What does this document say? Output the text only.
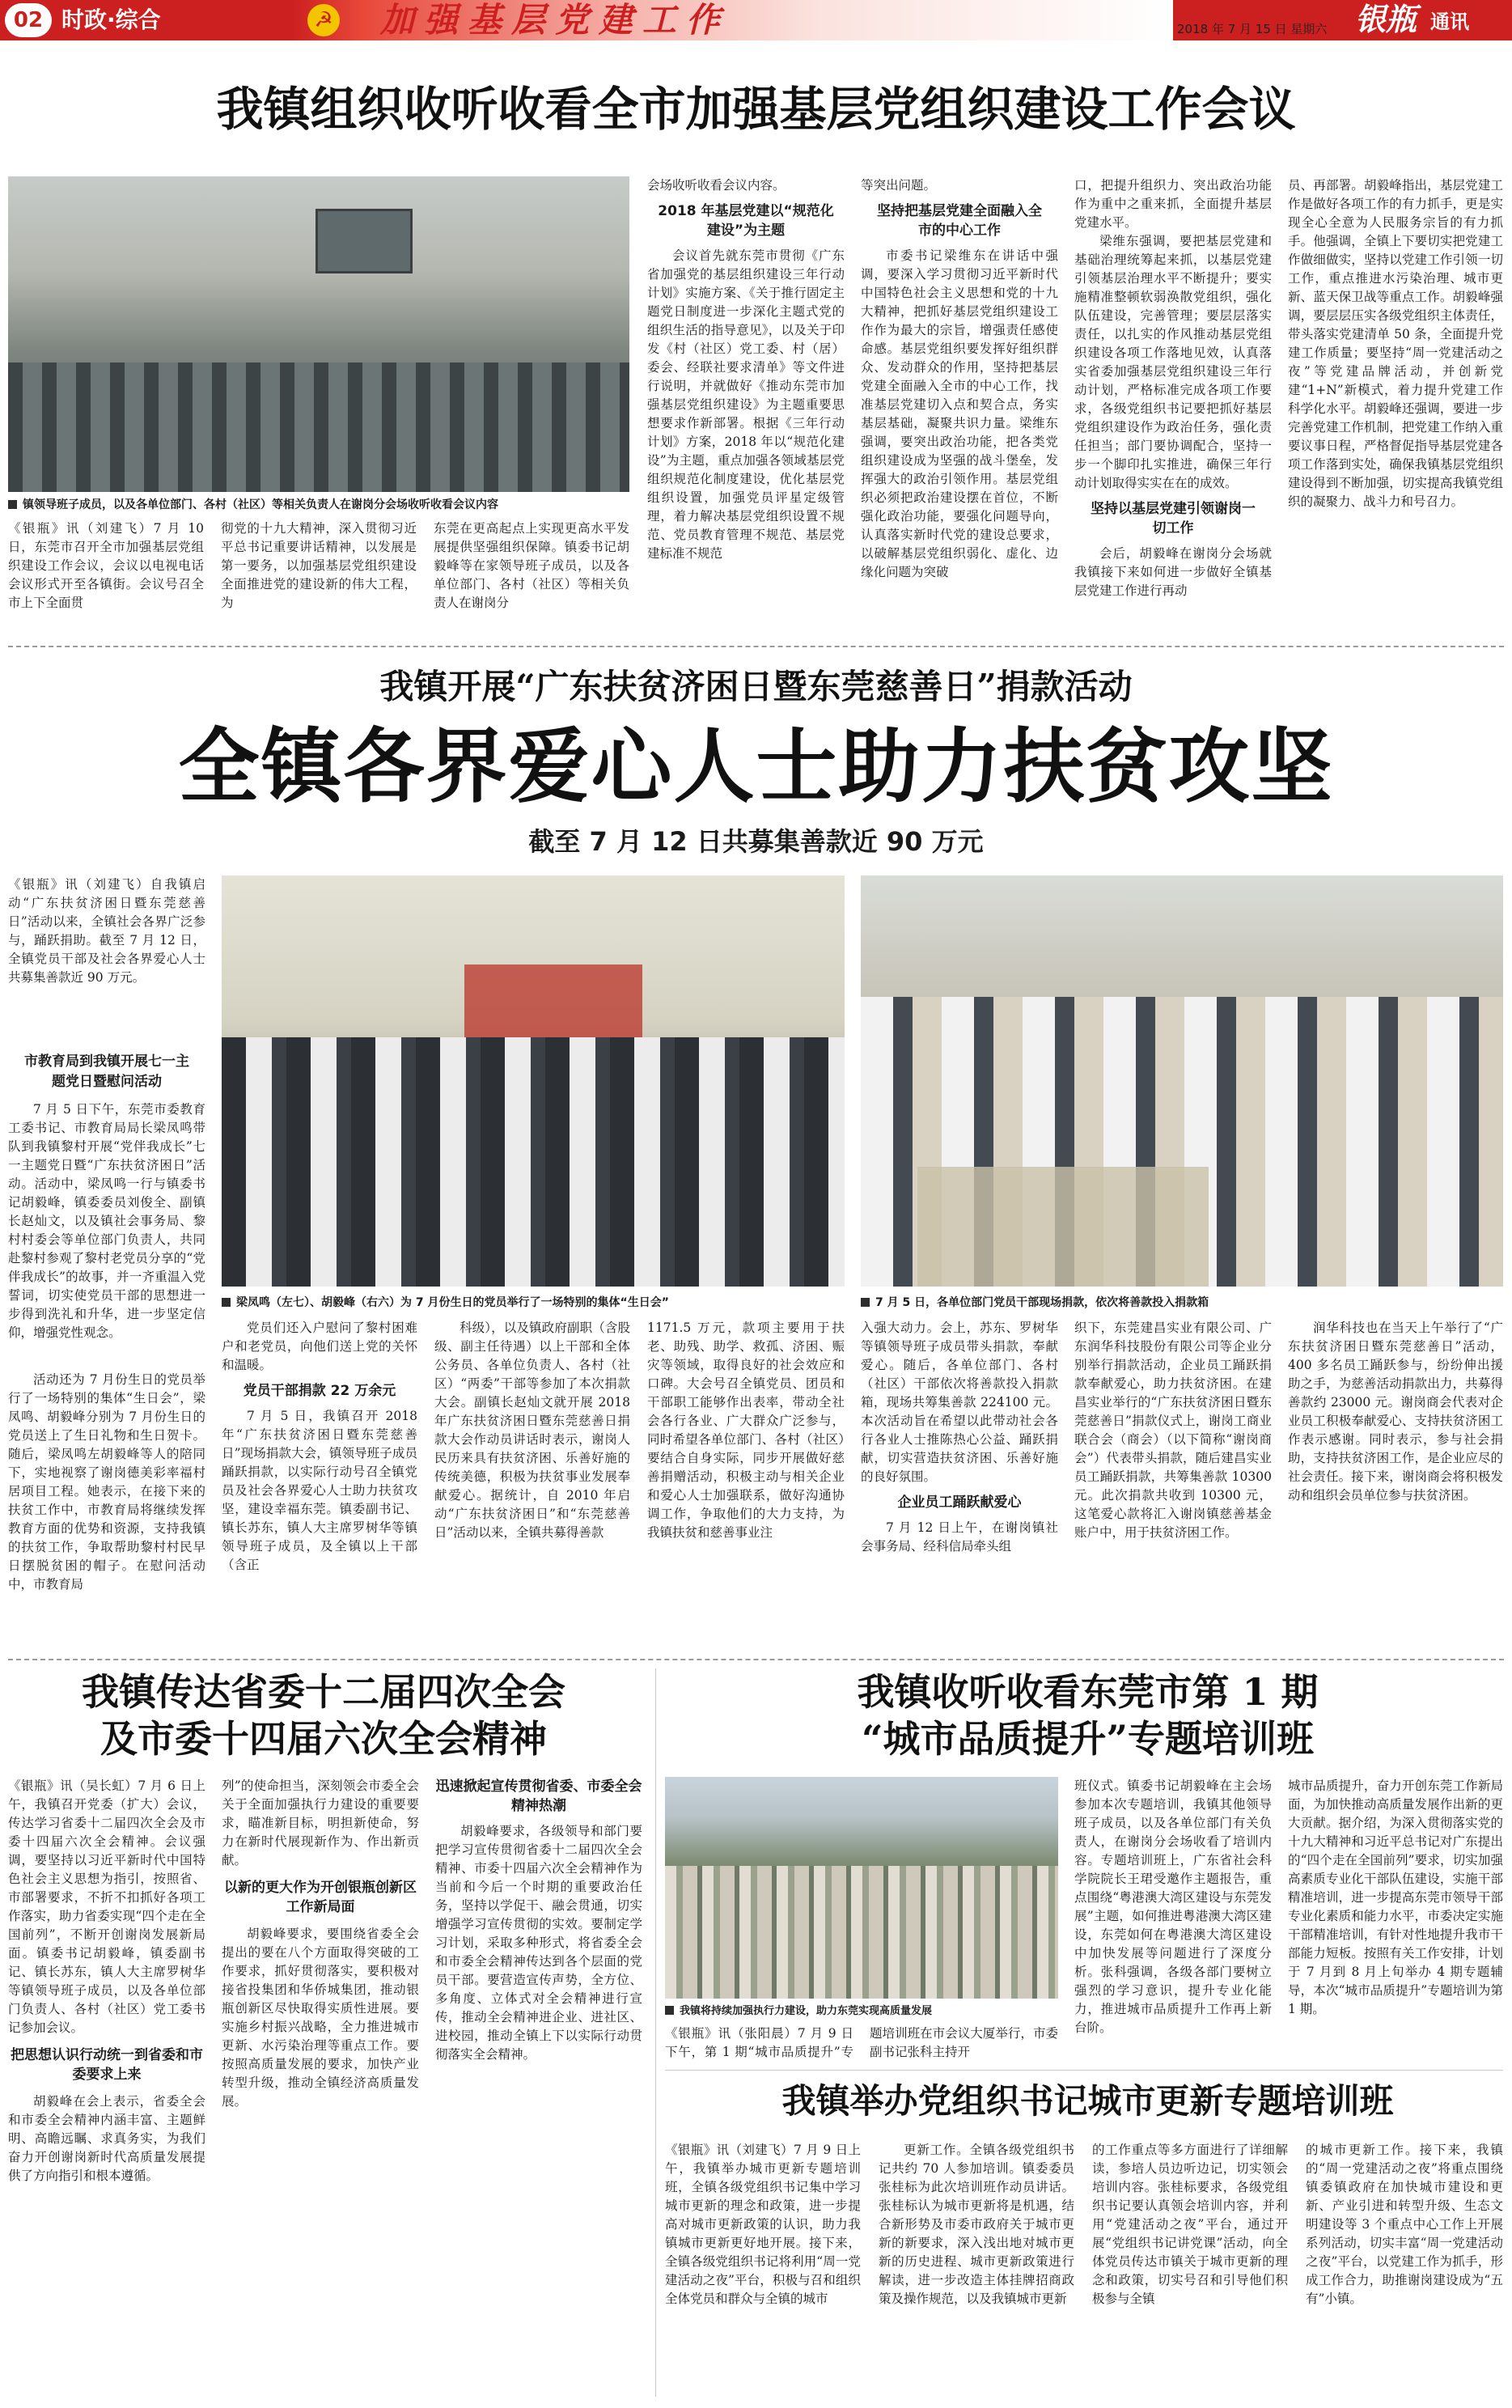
02 时政·综合	☭ 加强基层党建工作	2018 年 7 月 15 日 星期六 银瓶 通讯
我镇组织收听收看全市加强基层党组织建设工作会议
镇领导班子成员，以及各单位部门、各村（社区）等相关负责人在谢岗分会场收听收看会议内容
《银瓶》讯（刘建飞）7 月 10 日，东莞市召开全市加强基层党组织建设工作会议，会议以电视电话会议形式开至各镇街。会议号召全市上下全面贯
彻党的十九大精神，深入贯彻习近平总书记重要讲话精神，以发展是第一要务，以加强基层党组织建设全面推进党的建设新的伟大工程，为
东莞在更高起点上实现更高水平发展提供坚强组织保障。镇委书记胡毅峰等在家领导班子成员，以及各单位部门、各村（社区）等相关负责人在谢岗分
会场收听收看会议内容。
2018 年基层党建以“规范化建设”为主题
会议首先就东莞市贯彻《广东省加强党的基层组织建设三年行动计划》实施方案、《关于推行固定主题党日制度进一步深化主题式党的组织生活的指导意见》，以及关于印发《村（社区）党工委、村（居）委会、经联社要求清单》等文件进行说明，并就做好《推动东莞市加强基层党组织建设》为主题重要思想要求作新部署。根据《三年行动计划》方案，2018 年以“规范化建设”为主题，重点加强各领域基层党组织规范化制度建设，优化基层党组织设置，加强党员评星定级管理，着力解决基层党组织设置不规范、党员教育管理不规范、基层党建标准不规范
等突出问题。
坚持把基层党建全面融入全市的中心工作
市委书记梁维东在讲话中强调，要深入学习贯彻习近平新时代中国特色社会主义思想和党的十九大精神，把抓好基层党组织建设工作作为最大的宗旨，增强责任感使命感。基层党组织要发挥好组织群众、发动群众的作用，坚持把基层党建全面融入全市的中心工作，找准基层党建切入点和契合点，务实基层基础，凝聚共识力量。梁维东强调，要突出政治功能，把各类党组织建设成为坚强的战斗堡垒，发挥强大的政治引领作用。基层党组织必须把政治建设摆在首位，不断强化政治功能，要强化问题导向，认真落实新时代党的建设总要求，以破解基层党组织弱化、虚化、边缘化问题为突破
口，把提升组织力、突出政治功能作为重中之重来抓，全面提升基层党建水平。
梁维东强调，要把基层党建和基础治理统筹起来抓，以基层党建引领基层治理水平不断提升；要实施精准整顿软弱涣散党组织，强化队伍建设，完善管理；要层层落实责任，以扎实的作风推动基层党组织建设各项工作落地见效，认真落实省委加强基层党组织建设三年行动计划，严格标准完成各项工作要求，各级党组织书记要把抓好基层党组织建设作为政治任务，强化责任担当；部门要协调配合，坚持一步一个脚印扎实推进，确保三年行动计划取得实实在在的成效。
坚持以基层党建引领谢岗一切工作
会后，胡毅峰在谢岗分会场就我镇接下来如何进一步做好全镇基层党建工作进行再动
员、再部署。胡毅峰指出，基层党建工作是做好各项工作的有力抓手，更是实现全心全意为人民服务宗旨的有力抓手。他强调，全镇上下要切实把党建工作做细做实，坚持以党建工作引领一切工作，重点推进水污染治理、城市更新、蓝天保卫战等重点工作。胡毅峰强调，要层层压实各级党组织主体责任，带头落实党建清单 50 条，全面提升党建工作质量；要坚持“周一党建活动之夜”等党建品牌活动，并创新党建“1+N”新模式，着力提升党建工作科学化水平。胡毅峰还强调，要进一步完善党建工作机制，把党建工作纳入重要议事日程，严格督促指导基层党建各项工作落到实处，确保我镇基层党组织建设得到不断加强，切实提高我镇党组织的凝聚力、战斗力和号召力。
我镇开展“广东扶贫济困日暨东莞慈善日”捐款活动
全镇各界爱心人士助力扶贫攻坚
截至 7 月 12 日共募集善款近 90 万元
《银瓶》讯（刘建飞）自我镇启动“广东扶贫济困日暨东莞慈善日”活动以来，全镇社会各界广泛参与，踊跃捐助。截至 7 月 12 日，全镇党员干部及社会各界爱心人士共募集善款近 90 万元。
市教育局到我镇开展七一主题党日暨慰问活动
7 月 5 日下午，东莞市委教育工委书记、市教育局局长梁凤鸣带队到我镇黎村开展“党伴我成长”七一主题党日暨“广东扶贫济困日”活动。活动中，梁凤鸣一行与镇委书记胡毅峰，镇委委员刘俊全、副镇长赵灿文，以及镇社会事务局、黎村村委会等单位部门负责人，共同赴黎村参观了黎村老党员分享的“党伴我成长”的故事，并一齐重温入党誓词，切实使党员干部的思想进一步得到洗礼和升华，进一步坚定信仰，增强党性观念。
梁凤鸣（左七）、胡毅峰（右六）为 7 月份生日的党员举行了一场特别的集体“生日会”	7 月 5 日，各单位部门党员干部现场捐款，依次将善款投入捐款箱
活动还为 7 月份生日的党员举行了一场特别的集体“生日会”，梁凤鸣、胡毅峰分别为 7 月份生日的党员送上了生日礼物和生日贺卡。随后，梁凤鸣左胡毅峰等人的陪同下，实地视察了谢岗德美彩率福村居项目工程。她表示，在接下来的扶贫工作中，市教育局将继续发挥教育方面的优势和资源，支持我镇的扶贫工作，争取帮助黎村村民早日摆脱贫困的帽子。在慰问活动中，市教育局
党员们还入户慰问了黎村困难户和老党员，向他们送上党的关怀和温暖。
党员干部捐款 22 万余元
7 月 5 日，我镇召开 2018 年“广东扶贫济困日暨东莞慈善日”现场捐款大会，镇领导班子成员踊跃捐款，以实际行动号召全镇党员及社会各界爱心人士助力扶贫攻坚，建设幸福东莞。镇委副书记、镇长苏东，镇人大主席罗树华等镇领导班子成员，及全镇以上干部（含正
科级），以及镇政府副职（含股级、副主任待遇）以上干部和全体公务员、各单位负责人、各村（社区）“两委”干部等参加了本次捐款大会。副镇长赵灿文就开展 2018 年广东扶贫济困日暨东莞慈善日捐款大会作动员讲话时表示，谢岗人民历来具有扶贫济困、乐善好施的传统美德，积极为扶贫事业发展奉献爱心。据统计，自 2010 年启动“广东扶贫济困日”和“东莞慈善日”活动以来，全镇共募得善款
1171.5 万元，款项主要用于扶老、助残、助学、救孤、济困、赈灾等领域，取得良好的社会效应和口碑。大会号召全镇党员、团员和干部职工能够作出表率，带动全社会各行各业、广大群众广泛参与，同时希望各单位部门、各村（社区）要结合自身实际，同步开展做好慈善捐赠活动，积极主动与相关企业和爱心人士加强联系，做好沟通协调工作，争取他们的大力支持，为我镇扶贫和慈善事业注
入强大动力。会上，苏东、罗树华等镇领导班子成员带头捐款，奉献爱心。随后，各单位部门、各村（社区）干部依次将善款投入捐款箱，现场共筹集善款 224100 元。本次活动旨在希望以此带动社会各行各业人士推陈热心公益、踊跃捐献，切实营造扶贫济困、乐善好施的良好氛围。
企业员工踊跃献爱心
7 月 12 日上午，在谢岗镇社会事务局、经科信局牵头组
织下，东莞建昌实业有限公司、广东润华科技股份有限公司等企业分别举行捐款活动，企业员工踊跃捐款奉献爱心，助力扶贫济困。在建昌实业举行的“广东扶贫济困日暨东莞慈善日”捐款仪式上，谢岗工商业联合会（商会）（以下简称“谢岗商会”）代表带头捐款，随后建昌实业员工踊跃捐款，共筹集善款 10300 元。此次捐款共收到 10300 元，这笔爱心款将汇入谢岗镇慈善基金账户中，用于扶贫济困工作。
润华科技也在当天上午举行了“广东扶贫济困日暨东莞慈善日”活动，400 多名员工踊跃参与，纷纷伸出援助之手，为慈善活动捐款出力，共募得善款约 23000 元。谢岗商会代表对企业员工积极奉献爱心、支持扶贫济困工作表示感谢。同时表示，参与社会捐助，支持扶贫济困工作，是企业应尽的社会责任。接下来，谢岗商会将积极发动和组织会员单位参与扶贫济困。
我镇传达省委十二届四次全会
及市委十四届六次全会精神
《银瓶》讯（吴长虹）7 月 6 日上午，我镇召开党委（扩大）会议，传达学习省委十二届四次全会及市委十四届六次全会精神。会议强调，要坚持以习近平新时代中国特色社会主义思想为指引，按照省、市部署要求，不折不扣抓好各项工作落实，助力省委实现“四个走在全国前列”，不断开创谢岗发展新局面。镇委书记胡毅峰，镇委副书记、镇长苏东，镇人大主席罗树华等镇领导班子成员，以及各单位部门负责人、各村（社区）党工委书记参加会议。
把思想认识行动统一到省委和市委要求上来
胡毅峰在会上表示，省委全会和市委全会精神内涵丰富、主题鲜明、高瞻远瞩、求真务实，为我们奋力开创谢岗新时代高质量发展提供了方向指引和根本遵循。
列”的使命担当，深刻领会市委全会关于全面加强执行力建设的重要要求，瞄准新目标，明担新使命，努力在新时代展现新作为、作出新贡献。
以新的更大作为开创银瓶创新区工作新局面
胡毅峰要求，要围绕省委全会提出的要在八个方面取得突破的工作要求，抓好贯彻落实，要积极对接省投集团和华侨城集团，推动银瓶创新区尽快取得实质性进展。要实施乡村振兴战略，全力推进城市更新、水污染治理等重点工作。要按照高质量发展的要求，加快产业转型升级，推动全镇经济高质量发展。
迅速掀起宣传贯彻省委、市委全会精神热潮
胡毅峰要求，各级领导和部门要把学习宣传贯彻省委十二届四次全会精神、市委十四届六次全会精神作为当前和今后一个时期的重要政治任务，坚持以学促干、融会贯通，切实增强学习宣传贯彻的实效。要制定学习计划，采取多种形式，将省委全会和市委全会精神传达到各个层面的党员干部。要营造宣传声势，全方位、多角度、立体式对全会精神进行宣传，推动全会精神进企业、进社区、进校园，推动全镇上下以实际行动贯彻落实全会精神。
我镇收听收看东莞市第 1 期
“城市品质提升”专题培训班
我镇将持续加强执行力建设，助力东莞实现高质量发展
《银瓶》讯（张阳晨）7 月 9 日下午，第 1 期“城市品质提升”专题培训班在市会议大厦举行，市委副书记张科主持开
班仪式。镇委书记胡毅峰在主会场参加本次专题培训，我镇其他领导班子成员，以及各单位部门有关负责人，在谢岗分会场收看了培训内容。专题培训班上，广东省社会科学院院长王珺受邀作主题报告，重点围绕“粤港澳大湾区建设与东莞发展”主题，如何推进粤港澳大湾区建设，东莞如何在粤港澳大湾区建设中加快发展等问题进行了深度分析。张科强调，各级各部门要树立强烈的学习意识，提升专业化能力，推进城市品质提升工作再上新台阶。
城市品质提升，奋力开创东莞工作新局面，为加快推动高质量发展作出新的更大贡献。据介绍，为深入贯彻落实党的十九大精神和习近平总书记对广东提出的“四个走在全国前列”要求，切实加强高素质专业化干部队伍建设，实施干部精准培训，进一步提高东莞市领导干部专业化素质和能力水平，市委决定实施干部精准培训，有针对性地提升我市干部能力短板。按照有关工作安排，计划于 7 月到 8 月上旬举办 4 期专题辅导，本次“城市品质提升”专题培训为第 1 期。
我镇举办党组织书记城市更新专题培训班
《银瓶》讯（刘建飞）7 月 9 日上午，我镇举办城市更新专题培训班，全镇各级党组织书记集中学习城市更新的理念和政策，进一步提高对城市更新政策的认识，助力我镇城市更新更好地开展。接下来，全镇各级党组织书记将利用“周一党建活动之夜”平台，积极与召和组织全体党员和群众与全镇的城市
更新工作。全镇各级党组织书记共约 70 人参加培训。镇委委员张桂标为此次培训班作动员讲话。张桂标认为城市更新将是机遇，结合新形势及市委市政府关于城市更新的新要求，深入浅出地对城市更新的历史进程、城市更新政策进行解读，进一步改造主体挂牌招商政策及操作规范，以及我镇城市更新
的工作重点等多方面进行了详细解读，参培人员边听边记，切实领会培训内容。张桂标要求，各级党组织书记要认真领会培训内容，并利用“党建活动之夜”平台，通过开展“党组织书记讲党课”活动，向全体党员传达市镇关于城市更新的理念和政策，切实号召和引导他们积极参与全镇
的城市更新工作。接下来，我镇的“周一党建活动之夜”将重点围绕镇委镇政府在加快城市建设和更新、产业引进和转型升级、生态文明建设等 3 个重点中心工作上开展系列活动，切实丰富“周一党建活动之夜”平台，以党建工作为抓手，形成工作合力，助推谢岗建设成为“五有”小镇。
